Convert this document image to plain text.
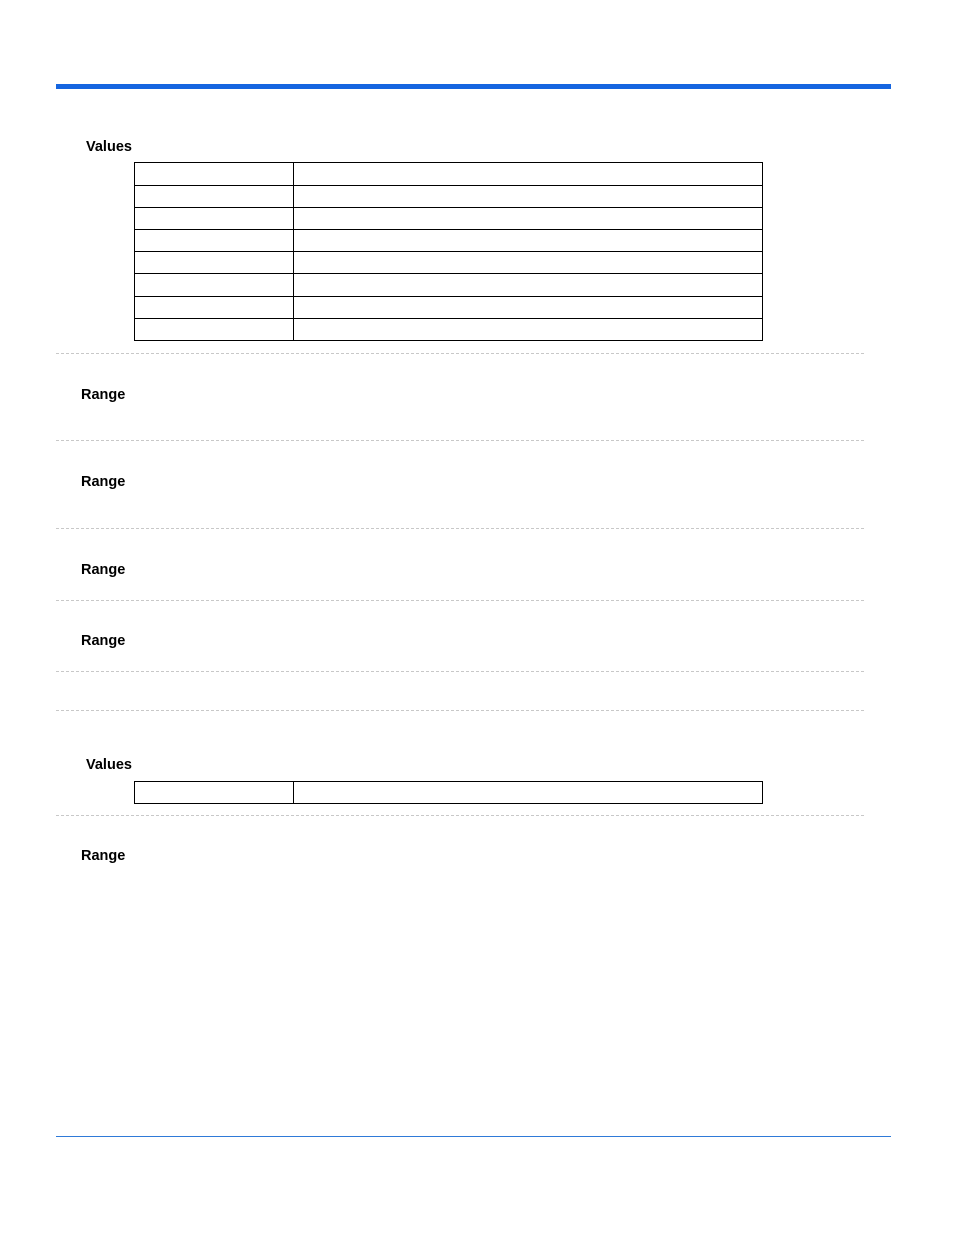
Values

Range
Range
Range
Range
Values

Range
